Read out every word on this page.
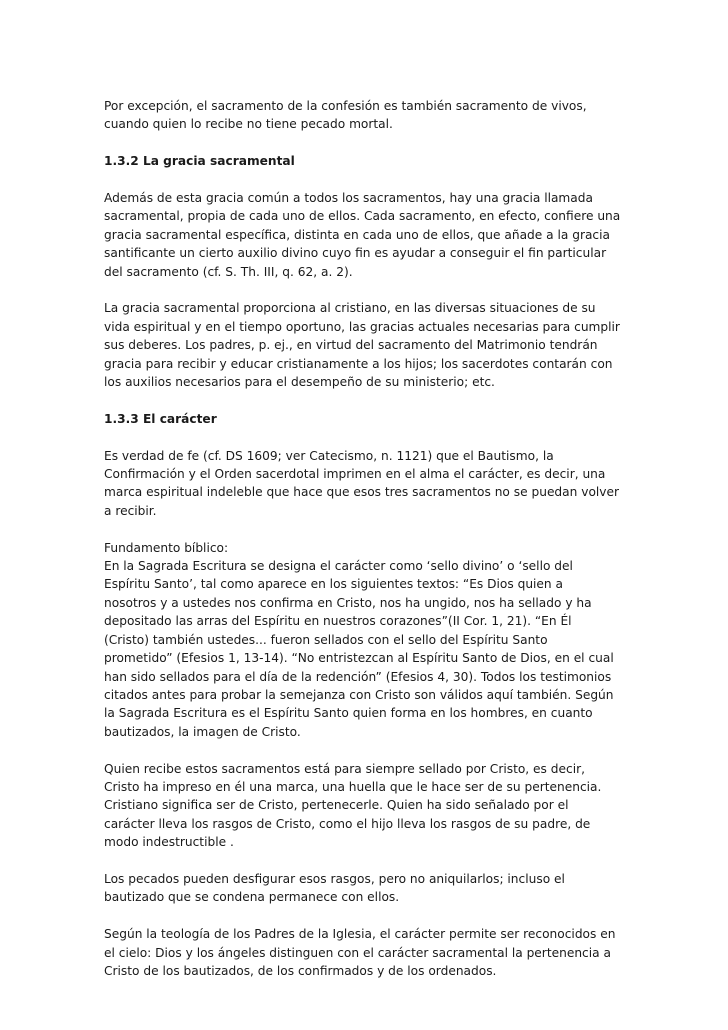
Por excepción, el sacramento de la confesión es también sacramento de vivos,
cuando quien lo recibe no tiene pecado mortal.

1.3.2 La gracia sacramental

Además de esta gracia común a todos los sacramentos, hay una gracia llamada
sacramental, propia de cada uno de ellos. Cada sacramento, en efecto, confiere una
gracia sacramental específica, distinta en cada uno de ellos, que añade a la gracia
santificante un cierto auxilio divino cuyo fin es ayudar a conseguir el fin particular
del sacramento (cf. S. Th. III, q. 62, a. 2).

La gracia sacramental proporciona al cristiano, en las diversas situaciones de su
vida espiritual y en el tiempo oportuno, las gracias actuales necesarias para cumplir
sus deberes. Los padres, p. ej., en virtud del sacramento del Matrimonio tendrán
gracia para recibir y educar cristianamente a los hijos; los sacerdotes contarán con
los auxilios necesarios para el desempeño de su ministerio; etc.

1.3.3 El carácter

Es verdad de fe (cf. DS 1609; ver Catecismo, n. 1121) que el Bautismo, la
Confirmación y el Orden sacerdotal imprimen en el alma el carácter, es decir, una
marca espiritual indeleble que hace que esos tres sacramentos no se puedan volver
a recibir.

Fundamento bíblico:
En la Sagrada Escritura se designa el carácter como ‘sello divino’ o ‘sello del
Espíritu Santo’, tal como aparece en los siguientes textos: “Es Dios quien a
nosotros y a ustedes nos confirma en Cristo, nos ha ungido, nos ha sellado y ha
depositado las arras del Espíritu en nuestros corazones”(II Cor. 1, 21). “En Él
(Cristo) también ustedes... fueron sellados con el sello del Espíritu Santo
prometido” (Efesios 1, 13-14). “No entristezcan al Espíritu Santo de Dios, en el cual
han sido sellados para el día de la redención” (Efesios 4, 30). Todos los testimonios
citados antes para probar la semejanza con Cristo son válidos aquí también. Según
la Sagrada Escritura es el Espíritu Santo quien forma en los hombres, en cuanto
bautizados, la imagen de Cristo.

Quien recibe estos sacramentos está para siempre sellado por Cristo, es decir,
Cristo ha impreso en él una marca, una huella que le hace ser de su pertenencia.
Cristiano significa ser de Cristo, pertenecerle. Quien ha sido señalado por el
carácter lleva los rasgos de Cristo, como el hijo lleva los rasgos de su padre, de
modo indestructible .

Los pecados pueden desfigurar esos rasgos, pero no aniquilarlos; incluso el
bautizado que se condena permanece con ellos.

Según la teología de los Padres de la Iglesia, el carácter permite ser reconocidos en
el cielo: Dios y los ángeles distinguen con el carácter sacramental la pertenencia a
Cristo de los bautizados, de los confirmados y de los ordenados.
